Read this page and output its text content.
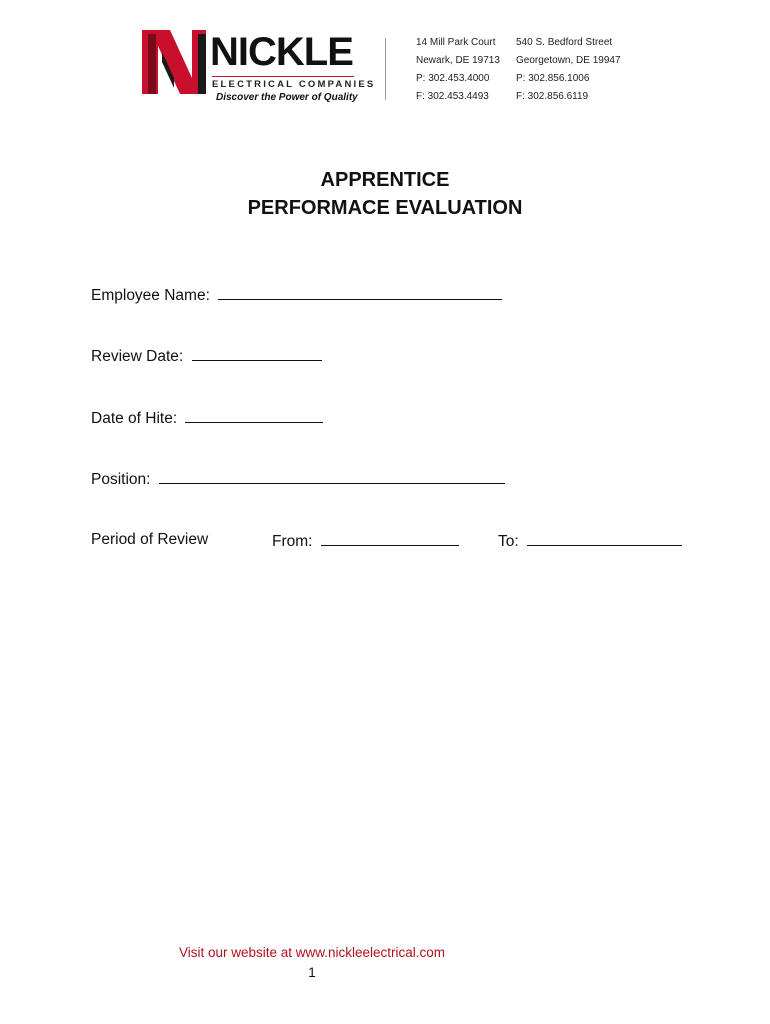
NICKLE
ELECTRICAL COMPANIES
Discover the Power of Quality
14 Mill Park Court
Newark, DE 19713
P: 302.453.4000
F: 302.453.4493
540 S. Bedford Street
Georgetown, DE 19947
P: 302.856.1006
F: 302.856.6119
APPRENTICE
PERFORMACE EVALUATION
Employee Name:
Review Date:
Date of Hite:
Position:
Period of Review	From:	To:
Visit our website at www.nickleelectrical.com
1
